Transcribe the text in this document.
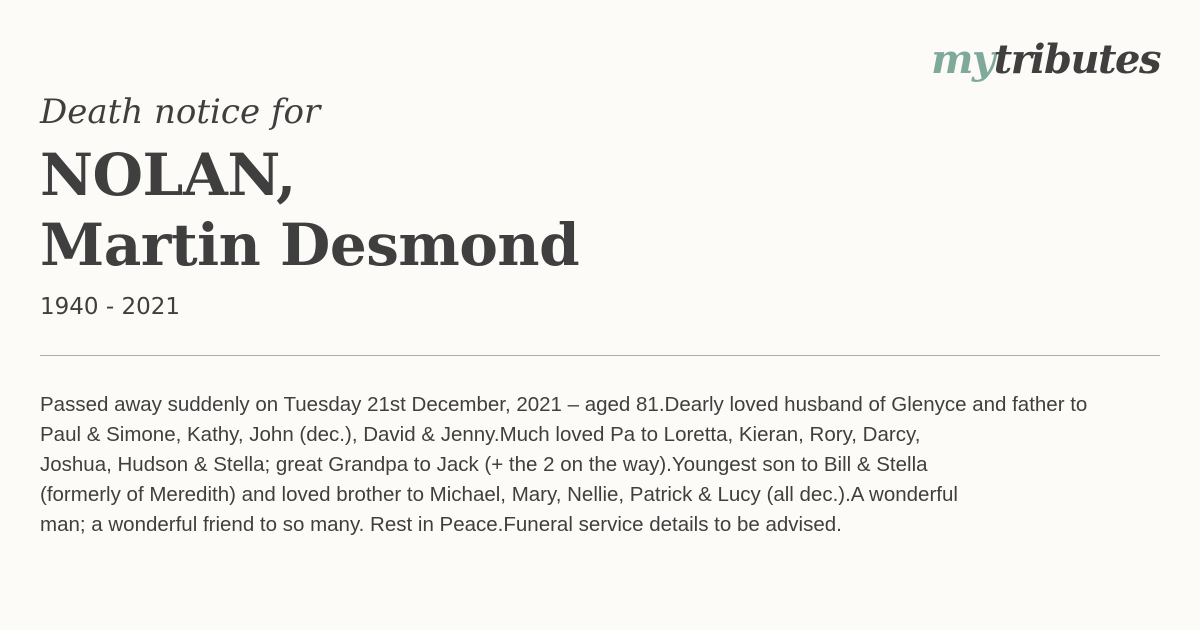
mytributes
Death notice for
NOLAN,
Martin Desmond
1940 - 2021

Passed away suddenly on Tuesday 21st December, 2021 – aged 81.Dearly loved husband of Glenyce and father to
Paul & Simone, Kathy, John (dec.), David & Jenny.Much loved Pa to Loretta, Kieran, Rory, Darcy,
Joshua, Hudson & Stella; great Grandpa to Jack (+ the 2 on the way).Youngest son to Bill & Stella
(formerly of Meredith) and loved brother to Michael, Mary, Nellie, Patrick & Lucy (all dec.).A wonderful
man; a wonderful friend to so many. Rest in Peace.Funeral service details to be advised.
